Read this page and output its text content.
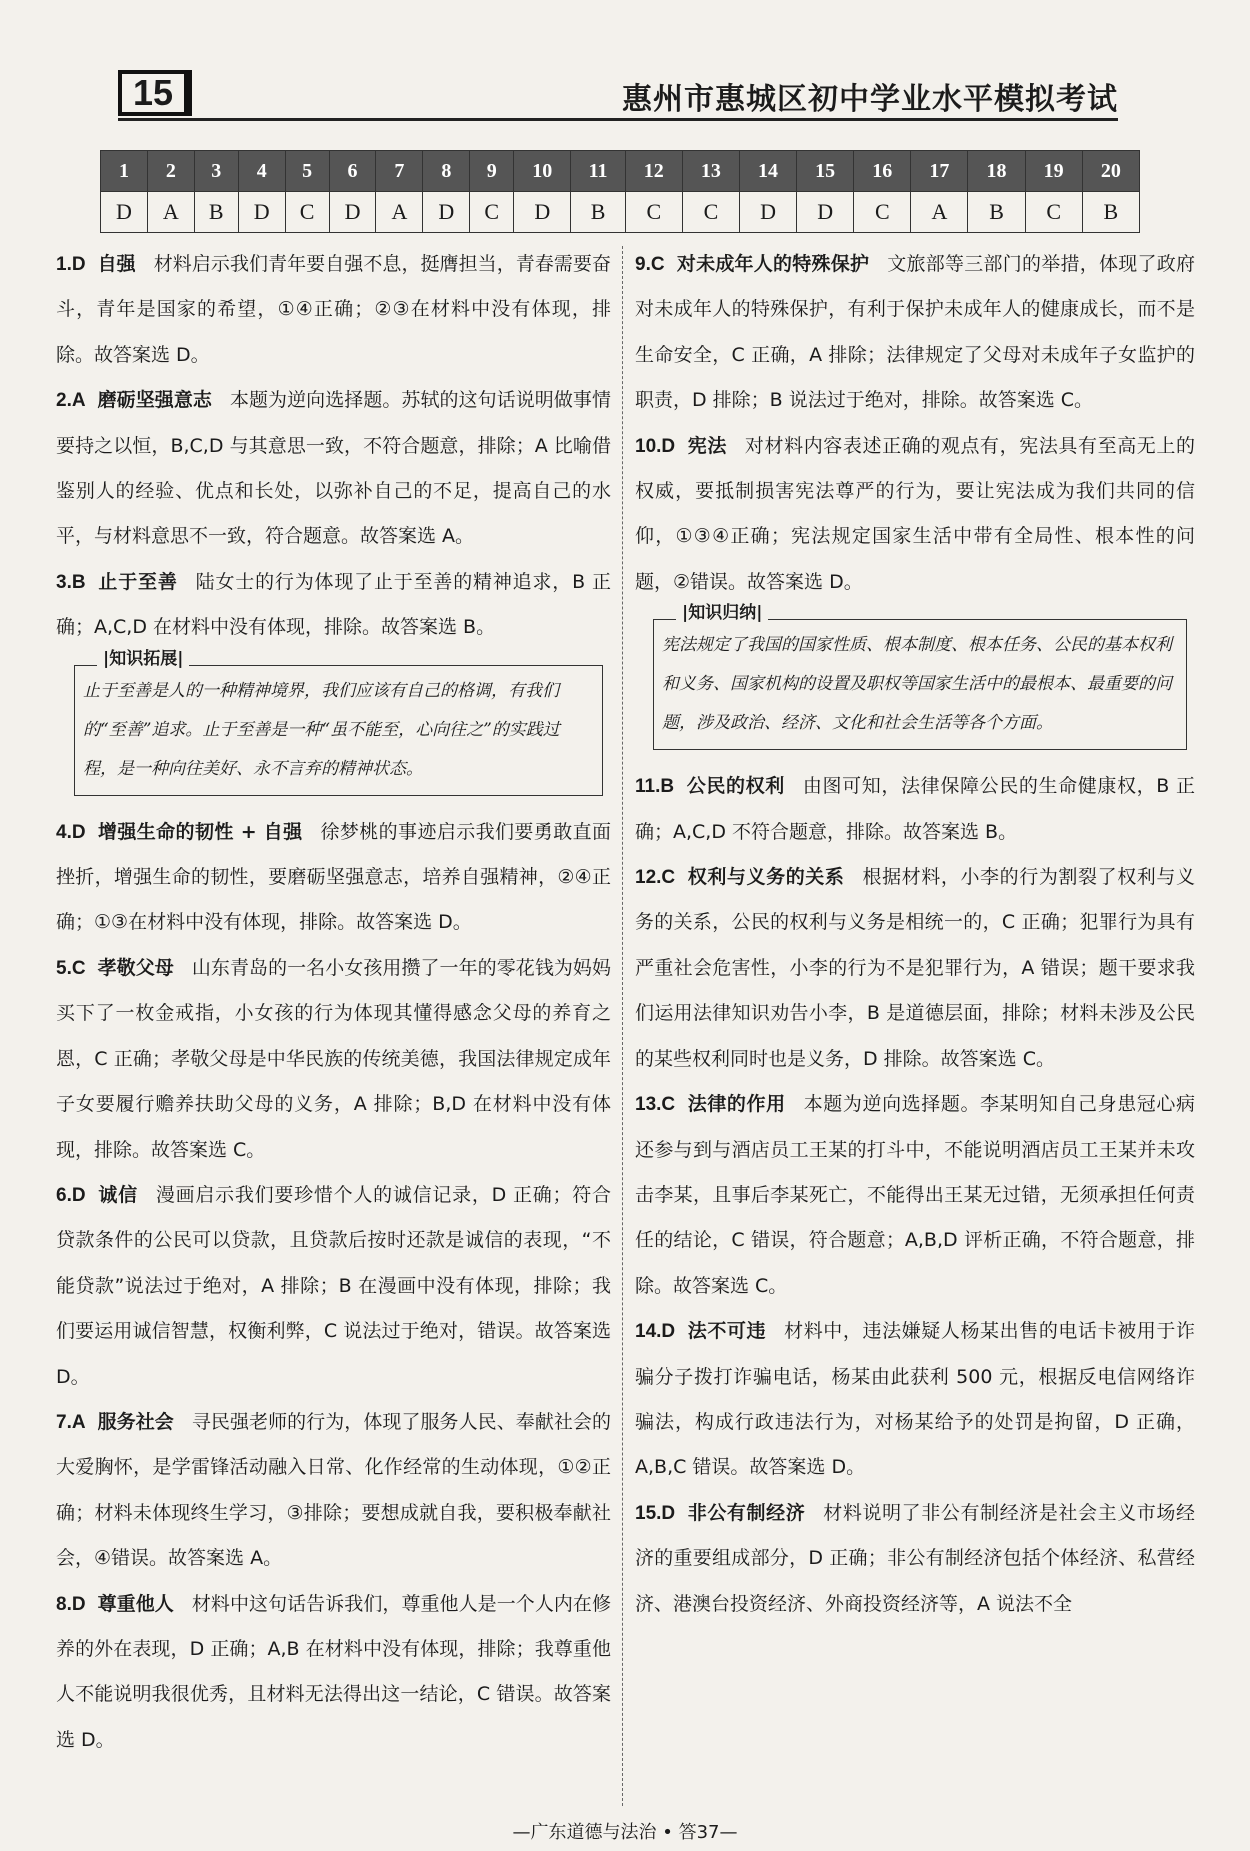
15	惠州市惠城区初中学业水平模拟考试
1	2	3	4	5	6	7	8	9	10	11	12	13	14	15	16	17	18	19	20
D	A	B	D	C	D	A	D	C	D	B	C	C	D	D	C	A	B	C	B
1.D 自强 材料启示我们青年要自强不息，挺膺担当，青春需要奋斗，青年是国家的希望，①④正确；②③在材料中没有体现，排除。故答案选 D。
2.A 磨砺坚强意志 本题为逆向选择题。苏轼的这句话说明做事情要持之以恒，B,C,D 与其意思一致，不符合题意，排除；A 比喻借鉴别人的经验、优点和长处，以弥补自己的不足，提高自己的水平，与材料意思不一致，符合题意。故答案选 A。
3.B 止于至善 陆女士的行为体现了止于至善的精神追求，B 正确；A,C,D 在材料中没有体现，排除。故答案选 B。
|知识拓展|
止于至善是人的一种精神境界，我们应该有自己的格调，有我们的“至善”追求。止于至善是一种“虽不能至，心向往之”的实践过程，是一种向往美好、永不言弃的精神状态。
4.D 增强生命的韧性 + 自强 徐梦桃的事迹启示我们要勇敢直面挫折，增强生命的韧性，要磨砺坚强意志，培养自强精神，②④正确；①③在材料中没有体现，排除。故答案选 D。
5.C 孝敬父母 山东青岛的一名小女孩用攒了一年的零花钱为妈妈买下了一枚金戒指，小女孩的行为体现其懂得感念父母的养育之恩，C 正确；孝敬父母是中华民族的传统美德，我国法律规定成年子女要履行赡养扶助父母的义务，A 排除；B,D 在材料中没有体现，排除。故答案选 C。
6.D 诚信 漫画启示我们要珍惜个人的诚信记录，D 正确；符合贷款条件的公民可以贷款，且贷款后按时还款是诚信的表现，“不能贷款”说法过于绝对，A 排除；B 在漫画中没有体现，排除；我们要运用诚信智慧，权衡利弊，C 说法过于绝对，错误。故答案选 D。
7.A 服务社会 寻民强老师的行为，体现了服务人民、奉献社会的大爱胸怀，是学雷锋活动融入日常、化作经常的生动体现，①②正确；材料未体现终生学习，③排除；要想成就自我，要积极奉献社会，④错误。故答案选 A。
8.D 尊重他人 材料中这句话告诉我们，尊重他人是一个人内在修养的外在表现，D 正确；A,B 在材料中没有体现，排除；我尊重他人不能说明我很优秀，且材料无法得出这一结论，C 错误。故答案选 D。
9.C 对未成年人的特殊保护 文旅部等三部门的举措，体现了政府对未成年人的特殊保护，有利于保护未成年人的健康成长，而不是生命安全，C 正确，A 排除；法律规定了父母对未成年子女监护的职责，D 排除；B 说法过于绝对，排除。故答案选 C。
10.D 宪法 对材料内容表述正确的观点有，宪法具有至高无上的权威，要抵制损害宪法尊严的行为，要让宪法成为我们共同的信仰，①③④正确；宪法规定国家生活中带有全局性、根本性的问题，②错误。故答案选 D。
|知识归纳|
宪法规定了我国的国家性质、根本制度、根本任务、公民的基本权利和义务、国家机构的设置及职权等国家生活中的最根本、最重要的问题，涉及政治、经济、文化和社会生活等各个方面。
11.B 公民的权利 由图可知，法律保障公民的生命健康权，B 正确；A,C,D 不符合题意，排除。故答案选 B。
12.C 权利与义务的关系 根据材料，小李的行为割裂了权利与义务的关系，公民的权利与义务是相统一的，C 正确；犯罪行为具有严重社会危害性，小李的行为不是犯罪行为，A 错误；题干要求我们运用法律知识劝告小李，B 是道德层面，排除；材料未涉及公民的某些权利同时也是义务，D 排除。故答案选 C。
13.C 法律的作用 本题为逆向选择题。李某明知自己身患冠心病还参与到与酒店员工王某的打斗中，不能说明酒店员工王某并未攻击李某，且事后李某死亡，不能得出王某无过错，无须承担任何责任的结论，C 错误，符合题意；A,B,D 评析正确，不符合题意，排除。故答案选 C。
14.D 法不可违 材料中，违法嫌疑人杨某出售的电话卡被用于诈骗分子拨打诈骗电话，杨某由此获利 500 元，根据反电信网络诈骗法，构成行政违法行为，对杨某给予的处罚是拘留，D 正确，A,B,C 错误。故答案选 D。
15.D 非公有制经济 材料说明了非公有制经济是社会主义市场经济的重要组成部分，D 正确；非公有制经济包括个体经济、私营经济、港澳台投资经济、外商投资经济等，A 说法不全
—广东道德与法治 • 答37—
